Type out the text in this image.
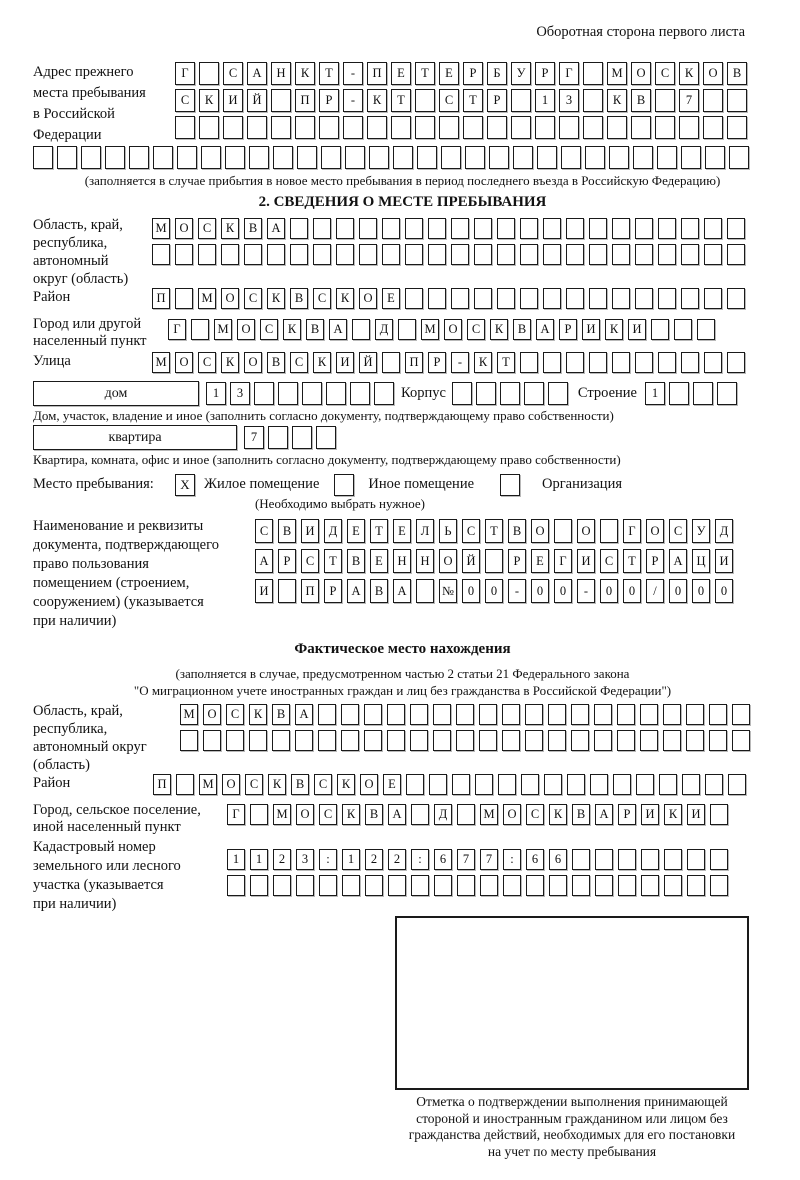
Оборотная сторона первого листа
Адрес прежнего
места пребывания
в Российской
Федерации
Г	С	А	Н	К	Т	-	П	Е	Т	Е	Р	Б	У	Р	Г	М	О	С	К	О	В
С	К	И	Й	П	Р	-	К	Т	С	Т	Р	1	3	К	В	7
(заполняется в случае прибытия в новое место пребывания в период последнего въезда в Российскую Федерацию)
2. СВЕДЕНИЯ О МЕСТЕ ПРЕБЫВАНИЯ
Область, край,
республика,
автономный
округ (область)
М	О	С	К	В	А
Район	П	М	О	С	К	В	С	К	О	Е
Город или другой
населенный пункт
Г	М	О	С	К	В	А	Д	М	О	С	К	В	А	Р	И	К	И
Улица	М	О	С	К	О	В	С	К	И	Й	П	Р	-	К	Т
дом	1	3	Корпус	Строение	1
Дом, участок, владение и иное (заполнить согласно документу, подтверждающему право собственности)
квартира	7
Квартира, комната, офис и иное (заполнить согласно документу, подтверждающему право собственности)
Место пребывания:	X Жилое помещение	Иное помещение	Организация
(Необходимо выбрать нужное)
Наименование и реквизиты
документа, подтверждающего
право пользования
помещением (строением,
сооружением) (указывается
при наличии)
С	В	И	Д	Е	Т	Е	Л	Ь	С	Т	В	О	О	Г	О	С	У	Д
А	Р	С	Т	В	Е	Н	Н	О	Й	Р	Е	Г	И	С	Т	Р	А	Ц	И
И	П	Р	А	В	А	№	0	0	-	0	0	-	0	0	/	0	0	0
Фактическое место нахождения
(заполняется в случае, предусмотренном частью 2 статьи 21 Федерального закона
"О миграционном учете иностранных граждан и лиц без гражданства в Российской Федерации")
Область, край,
республика,
автономный округ
(область)
М	О	С	К	В	А
Район	П	М	О	С	К	В	С	К	О	Е
Город, сельское поселение,
иной населенный пункт
Г	М	О	С	К	В	А	Д	М	О	С	К	В	А	Р	И	К	И
Кадастровый номер
земельного или лесного
участка (указывается
при наличии)
1	1	2	3	:	1	2	2	:	6	7	7	:	6	6
Отметка о подтверждении выполнения принимающей
стороной и иностранным гражданином или лицом без
гражданства действий, необходимых для его постановки
на учет по месту пребывания
